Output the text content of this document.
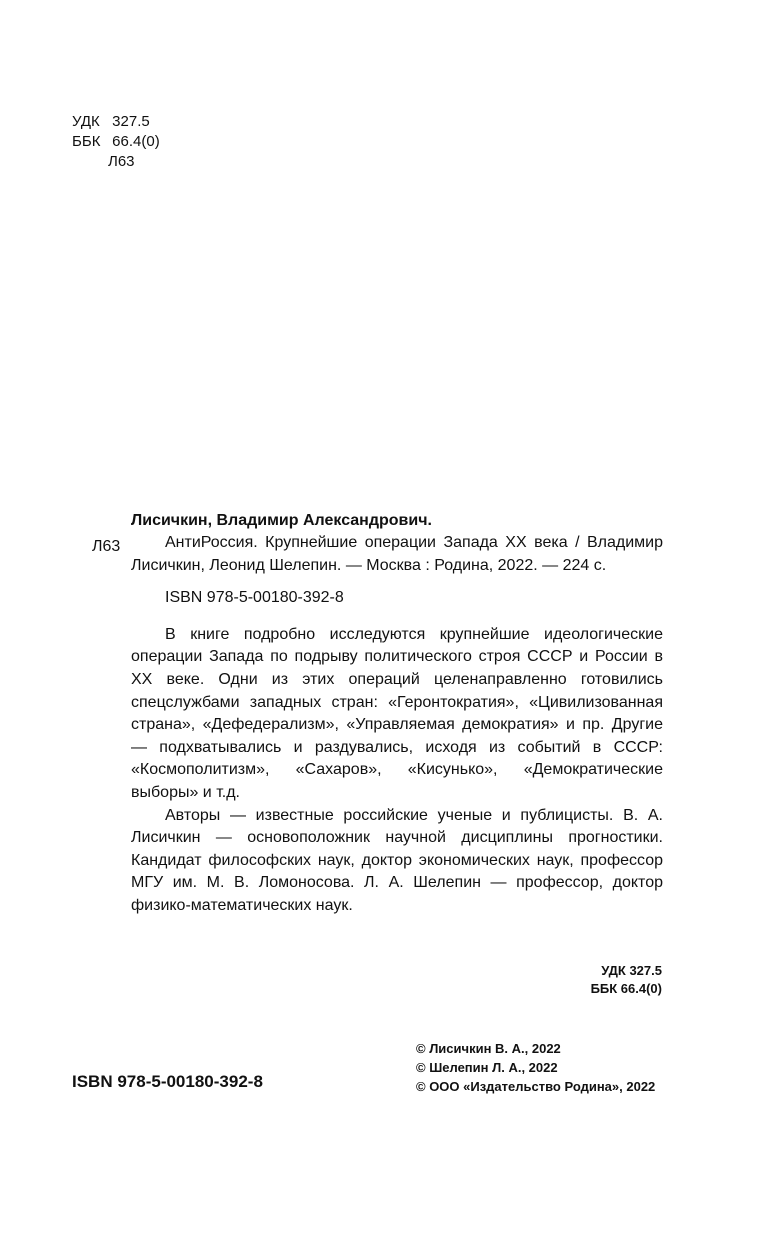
УДК 327.5
ББК 66.4(0)
Л63
Лисичкин, Владимир Александрович.
Л63	АнтиРоссия. Крупнейшие операции Запада XX века / Владимир Лисичкин, Леонид Шелепин. — Москва : Родина, 2022. — 224 с.

ISBN 978-5-00180-392-8

В книге подробно исследуются крупнейшие идеологические операции Запада по подрыву политического строя СССР и России в XX веке. Одни из этих операций целенаправленно готовились спецслужбами западных стран: «Геронтократия», «Цивилизованная страна», «Дефедерализм», «Управляемая демократия» и пр. Другие — подхватывались и раздувались, исходя из событий в СССР: «Космополитизм», «Сахаров», «Кисунько», «Демократические выборы» и т.д.

Авторы — известные российские ученые и публицисты. В. А. Лисичкин — основоположник научной дисциплины прогностики. Кандидат философских наук, доктор экономических наук, профессор МГУ им. М. В. Ломоносова. Л. А. Шелепин — профессор, доктор физико-математических наук.

УДК 327.5
ББК 66.4(0)
© Лисичкин В. А., 2022
© Шелепин Л. А., 2022
© ООО «Издательство Родина», 2022
ISBN 978-5-00180-392-8
